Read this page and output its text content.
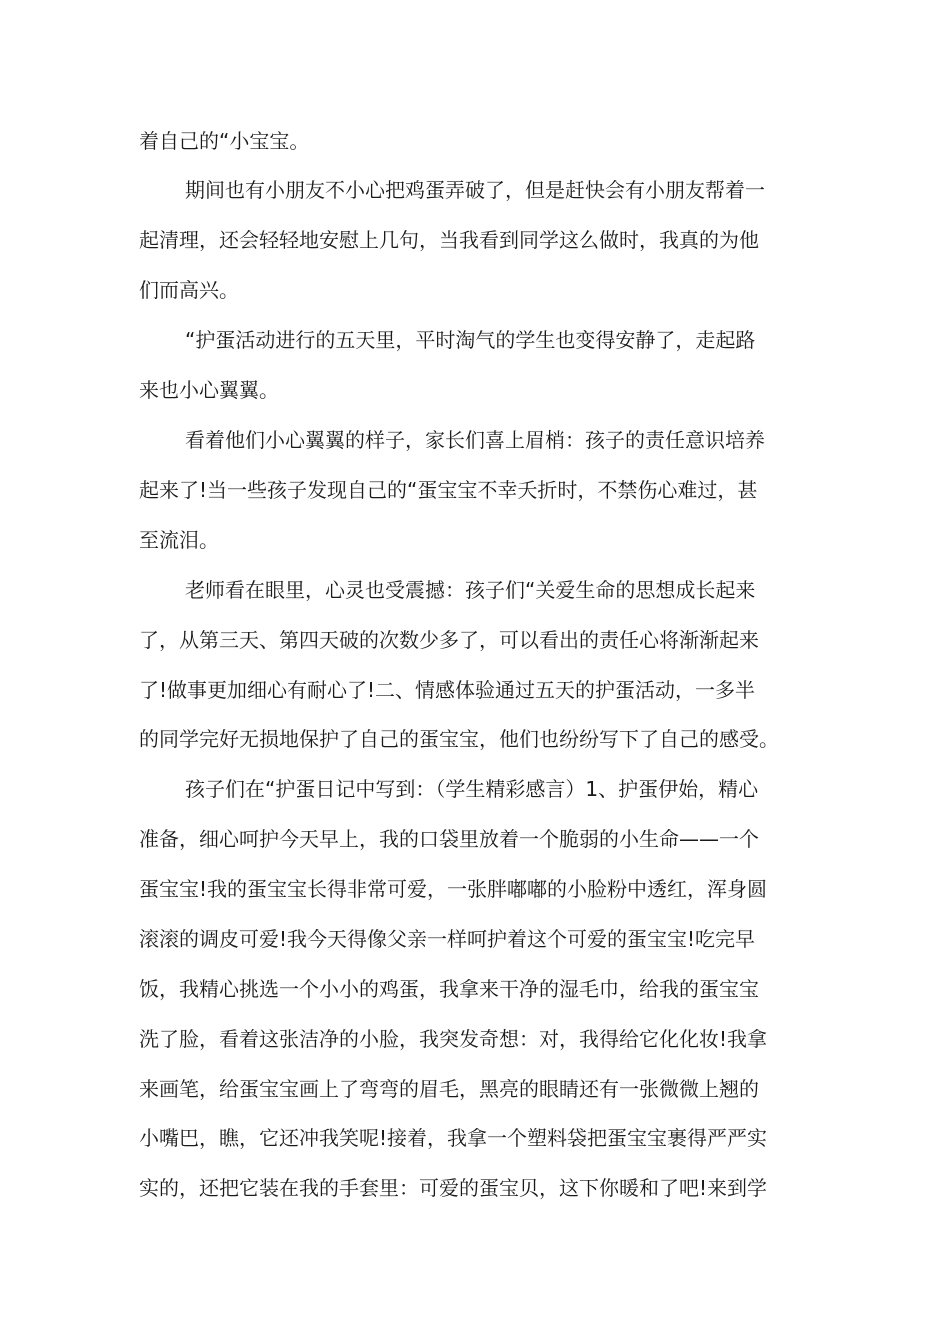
着自己的“小宝宝。
期间也有小朋友不小心把鸡蛋弄破了，但是赶快会有小朋友帮着一
起清理，还会轻轻地安慰上几句，当我看到同学这么做时，我真的为他
们而高兴。
“护蛋活动进行的五天里，平时淘气的学生也变得安静了，走起路
来也小心翼翼。
看着他们小心翼翼的样子，家长们喜上眉梢：孩子的责任意识培养
起来了!当一些孩子发现自己的“蛋宝宝不幸夭折时，不禁伤心难过，甚
至流泪。
老师看在眼里，心灵也受震撼：孩子们“关爱生命的思想成长起来
了，从第三天、第四天破的次数少多了，可以看出的责任心将渐渐起来
了!做事更加细心有耐心了!二、情感体验通过五天的护蛋活动，一多半
的同学完好无损地保护了自己的蛋宝宝，他们也纷纷写下了自己的感受。
孩子们在“护蛋日记中写到：（学生精彩感言）1、护蛋伊始，精心
准备，细心呵护今天早上，我的口袋里放着一个脆弱的小生命——一个
蛋宝宝!我的蛋宝宝长得非常可爱，一张胖嘟嘟的小脸粉中透红，浑身圆
滚滚的调皮可爱!我今天得像父亲一样呵护着这个可爱的蛋宝宝!吃完早
饭，我精心挑选一个小小的鸡蛋，我拿来干净的湿毛巾，给我的蛋宝宝
洗了脸，看着这张洁净的小脸，我突发奇想：对，我得给它化化妆!我拿
来画笔，给蛋宝宝画上了弯弯的眉毛，黑亮的眼睛还有一张微微上翘的
小嘴巴，瞧，它还冲我笑呢!接着，我拿一个塑料袋把蛋宝宝裹得严严实
实的，还把它装在我的手套里：可爱的蛋宝贝，这下你暖和了吧!来到学
